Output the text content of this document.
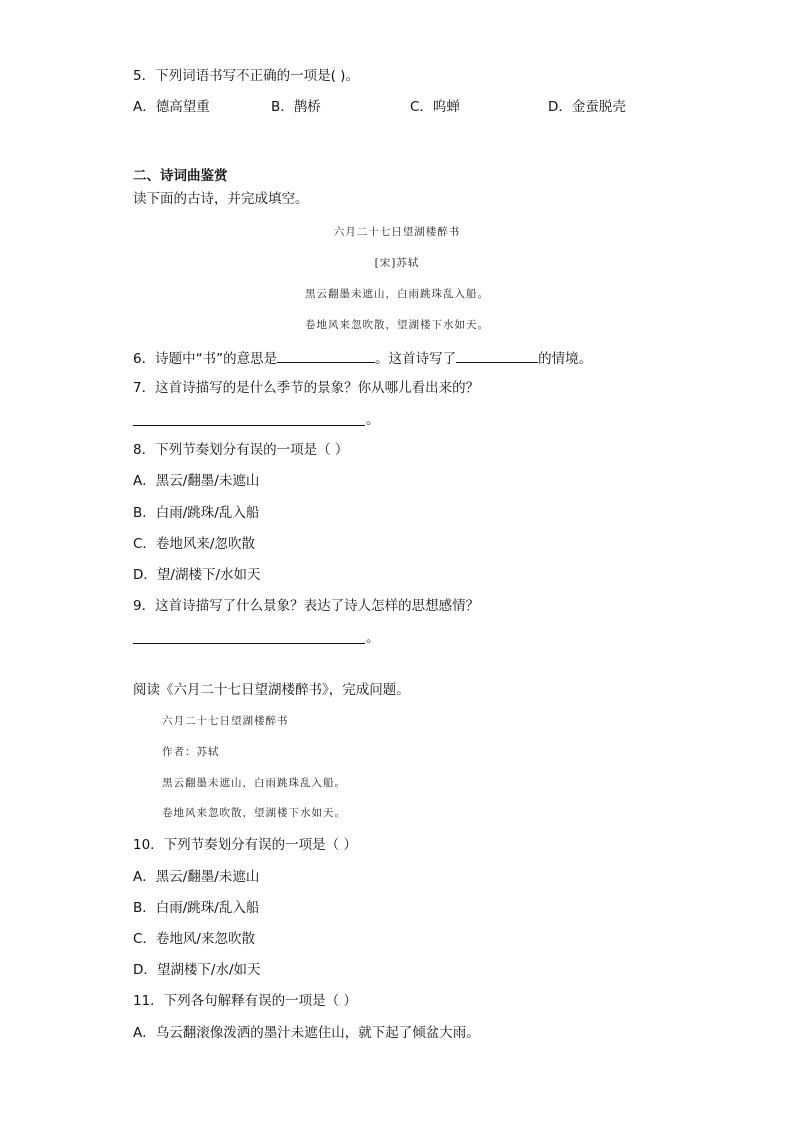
5．下列词语书写不正确的一项是( )。
A．德高望重	B．鹊桥	C．呜蝉	D．金蚕脱壳
二、诗词曲鉴赏
读下面的古诗，并完成填空。
六月二十七日望湖楼醉书
[宋]苏轼
黑云翻墨未遮山，白雨跳珠乱入船。
卷地风来忽吹散，望湖楼下水如天。
6．诗题中“书”的意思是	。这首诗写了	的情境。
7．这首诗描写的是什么季节的景象？你从哪儿看出来的？
。
8．下列节奏划分有误的一项是（ ）
A．黑云/翻墨/未遮山
B．白雨/跳珠/乱入船
C．卷地风来/忽吹散
D．望/湖楼下/水如天
9．这首诗描写了什么景象？表达了诗人怎样的思想感情？
。
阅读《六月二十七日望湖楼醉书》，完成问题。
六月二十七日望湖楼醉书
作者：苏轼
黑云翻墨未遮山，白雨跳珠乱入船。
卷地风来忽吹散，望湖楼下水如天。
10．下列节奏划分有误的一项是（ ）
A．黑云/翻墨/未遮山
B．白雨/跳珠/乱入船
C．卷地风/来忽吹散
D．望湖楼下/水/如天
11．下列各句解释有误的一项是（ ）
A．乌云翻滚像泼洒的墨汁未遮住山，就下起了倾盆大雨。
